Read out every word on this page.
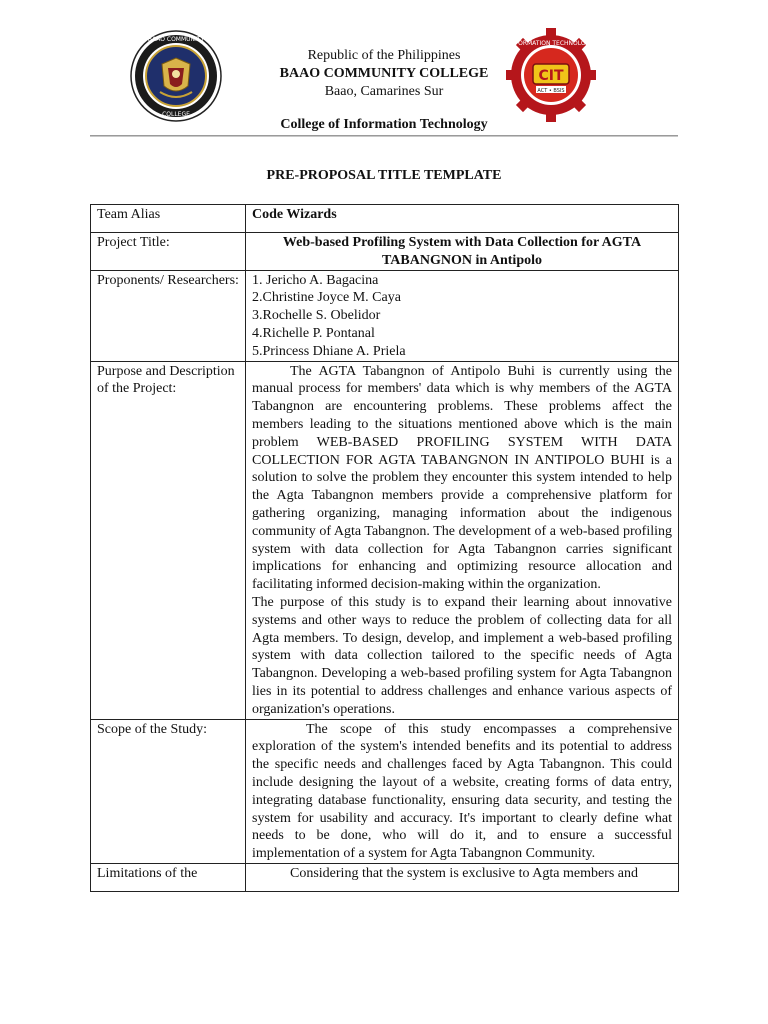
BAAO COMMUNITY
COLLEGE
CIT
ACT • BSIS
INFORMATION TECHNOLOGY
Republic of the Philippines
BAAO COMMUNITY COLLEGE
Baao, Camarines Sur
College of Information Technology
PRE-PROPOSAL TITLE TEMPLATE
Team Alias	Code Wizards
Project Title:	Web-based Profiling System with Data Collection for AGTA TABANGNON in Antipolo
Proponents/ Researchers:	1. Jericho A. Bagacina
2.Christine Joyce M. Caya
3.Rochelle S. Obelidor
4.Richelle P. Pontanal
5.Princess Dhiane A. Priela

Purpose and Description of the Project:	The AGTA Tabangnon of Antipolo Buhi is currently using the manual process for members' data which is why members of the AGTA Tabangnon are encountering problems. These problems affect the members leading to the situations mentioned above which is the main problem WEB-BASED PROFILING SYSTEM WITH DATA COLLECTION FOR AGTA TABANGNON IN ANTIPOLO BUHI is a solution to solve the problem they encounter this system intended to help the Agta Tabangnon members provide a comprehensive platform for gathering organizing, managing information about the indigenous community of Agta Tabangnon. The development of a web-based profiling system with data collection for Agta Tabangnon carries significant implications for enhancing and optimizing resource allocation and facilitating informed decision-making within the organization.
The purpose of this study is to expand their learning about innovative systems and other ways to reduce the problem of collecting data for all Agta members. To design, develop, and implement a web-based profiling system with data collection tailored to the specific needs of Agta Tabangnon. Developing a web-based profiling system for Agta Tabangnon lies in its potential to address challenges and enhance various aspects of organization's operations.

Scope of the Study:	The scope of this study encompasses a comprehensive exploration of the system's intended benefits and its potential to address the specific needs and challenges faced by Agta Tabangnon. This could include designing the layout of a website, creating forms of data entry, integrating database functionality, ensuring data security, and testing the system for usability and accuracy. It's important to clearly define what needs to be done, who will do it, and to ensure a successful implementation of a system for Agta Tabangnon Community.
Limitations of the	Considering that the system is exclusive to Agta members and
